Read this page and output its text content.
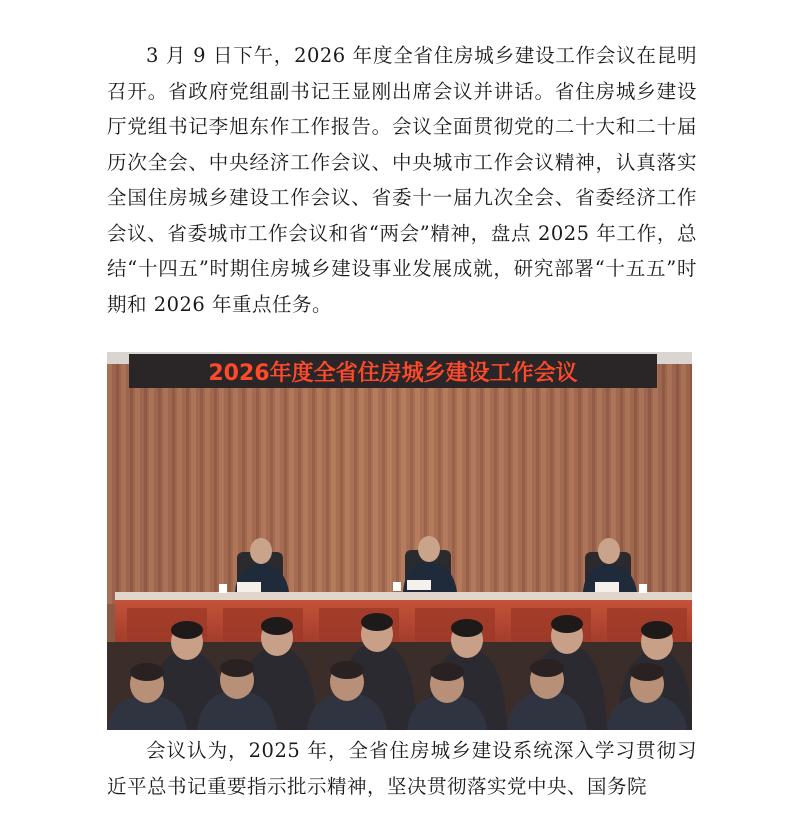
3 月 9 日下午，2026 年度全省住房城乡建设工作会议在昆明召开。省政府党组副书记王显刚出席会议并讲话。省住房城乡建设厅党组书记李旭东作工作报告。会议全面贯彻党的二十大和二十届历次全会、中央经济工作会议、中央城市工作会议精神，认真落实全国住房城乡建设工作会议、省委十一届九次全会、省委经济工作会议、省委城市工作会议和省“两会”精神，盘点 2025 年工作，总结“十四五”时期住房城乡建设事业发展成就，研究部署“十五五”时期和 2026 年重点任务。

2026年度全省住房城乡建设工作会议

会议认为，2025 年，全省住房城乡建设系统深入学习贯彻习近平总书记重要指示批示精神，坚决贯彻落实党中央、国务院
